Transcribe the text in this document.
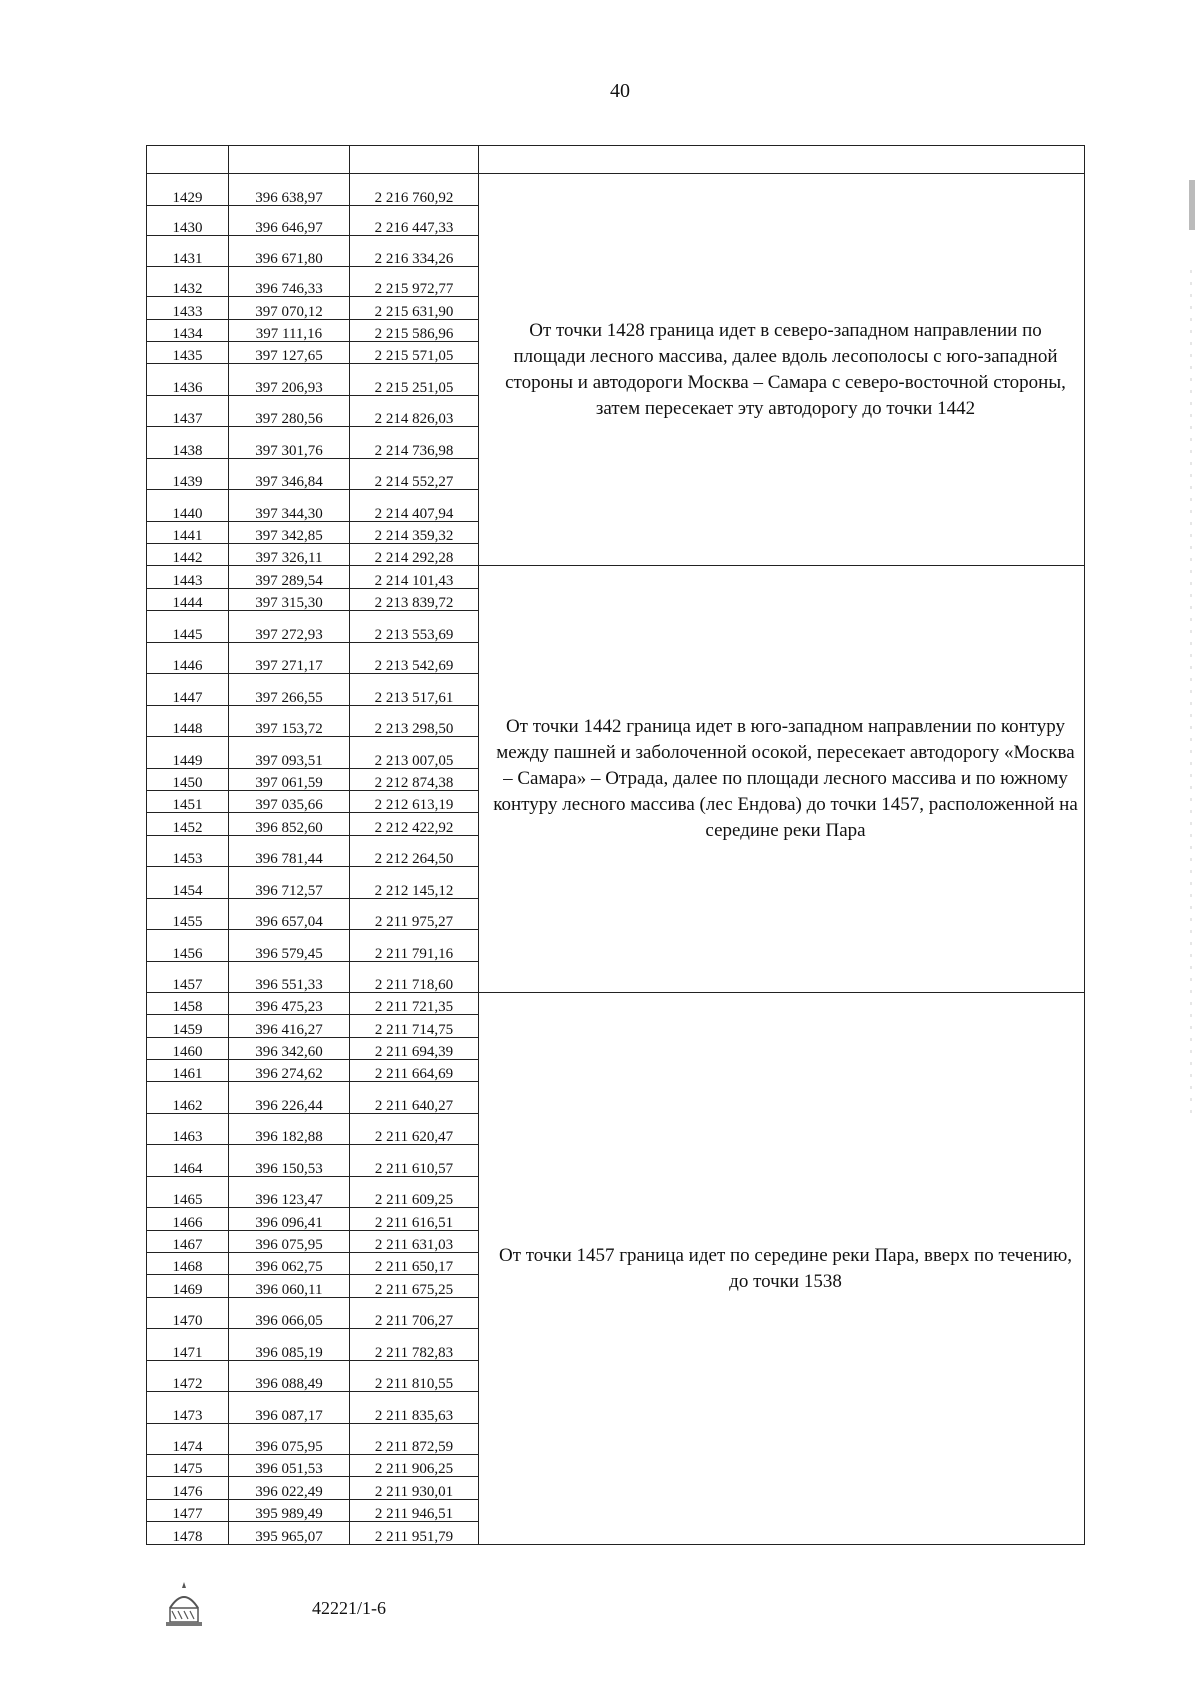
40

1429	396 638,97	2 216 760,92	От точки 1428 граница идет в северо-западном направлении по площади лесного массива, далее вдоль лесополосы с юго-западной стороны и автодороги Москва – Самара с северо-восточной стороны, затем пересекает эту автодорогу до точки 1442
1430	396 646,97	2 216 447,33	
1431	396 671,80	2 216 334,26	
1432	396 746,33	2 215 972,77	
1433	397 070,12	2 215 631,90	
1434	397 111,16	2 215 586,96	
1435	397 127,65	2 215 571,05	
1436	397 206,93	2 215 251,05	
1437	397 280,56	2 214 826,03	
1438	397 301,76	2 214 736,98	
1439	397 346,84	2 214 552,27	
1440	397 344,30	2 214 407,94	
1441	397 342,85	2 214 359,32	
1442	397 326,11	2 214 292,28	
1443	397 289,54	2 214 101,43	От точки 1442 граница идет в юго-западном направлении по контуру между пашней и заболоченной осокой, пересекает автодорогу «Москва – Самара» – Отрада, далее по площади лесного массива и по южному контуру лесного массива (лес Ендова) до точки 1457, расположенной на середине реки Пара
1444	397 315,30	2 213 839,72	
1445	397 272,93	2 213 553,69	
1446	397 271,17	2 213 542,69	
1447	397 266,55	2 213 517,61	
1448	397 153,72	2 213 298,50	
1449	397 093,51	2 213 007,05	
1450	397 061,59	2 212 874,38	
1451	397 035,66	2 212 613,19	
1452	396 852,60	2 212 422,92	
1453	396 781,44	2 212 264,50	
1454	396 712,57	2 212 145,12	
1455	396 657,04	2 211 975,27	
1456	396 579,45	2 211 791,16	
1457	396 551,33	2 211 718,60	
1458	396 475,23	2 211 721,35	От точки 1457 граница идет по середине реки Пара, вверх по течению, до точки 1538
1459	396 416,27	2 211 714,75	
1460	396 342,60	2 211 694,39	
1461	396 274,62	2 211 664,69	
1462	396 226,44	2 211 640,27	
1463	396 182,88	2 211 620,47	
1464	396 150,53	2 211 610,57	
1465	396 123,47	2 211 609,25	
1466	396 096,41	2 211 616,51	
1467	396 075,95	2 211 631,03	
1468	396 062,75	2 211 650,17	
1469	396 060,11	2 211 675,25	
1470	396 066,05	2 211 706,27	
1471	396 085,19	2 211 782,83	
1472	396 088,49	2 211 810,55	
1473	396 087,17	2 211 835,63	
1474	396 075,95	2 211 872,59	
1475	396 051,53	2 211 906,25	
1476	396 022,49	2 211 930,01	
1477	395 989,49	2 211 946,51	
1478	395 965,07	2 211 951,79	
42221/1-6
